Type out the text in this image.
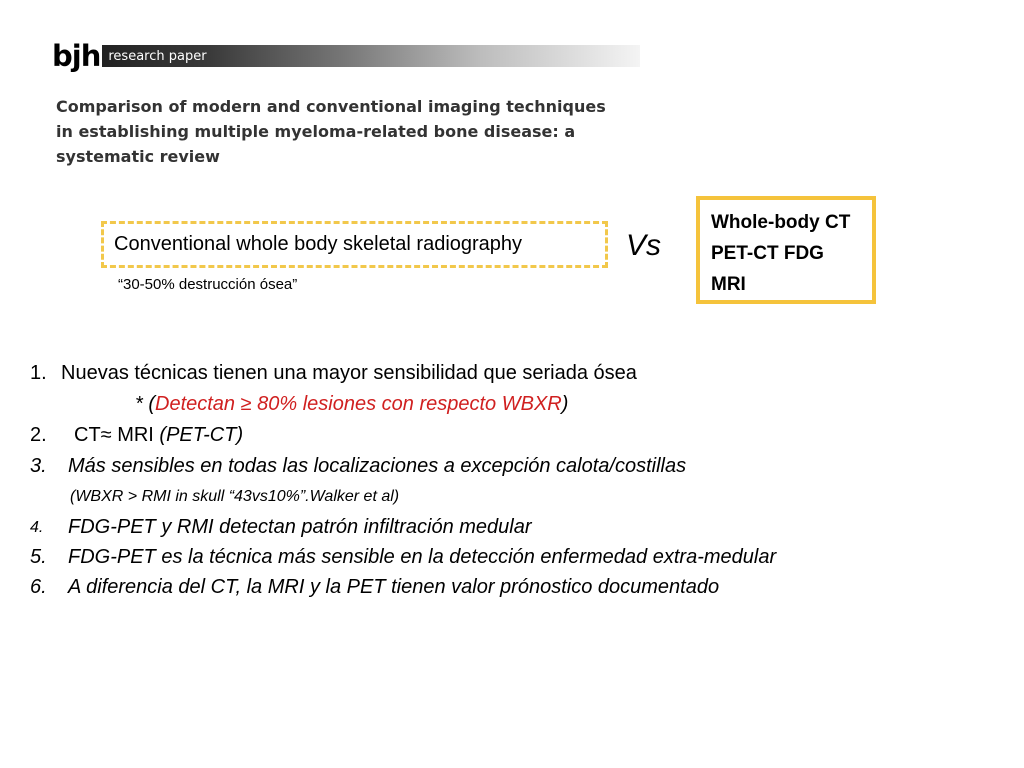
bjh research paper
Comparison of modern and conventional imaging techniques in establishing multiple myeloma-related bone disease: a systematic review
Conventional whole body skeletal radiography
“30-50% destrucción ósea”
Vs
Whole-body CT
PET-CT FDG
MRI
1. Nuevas técnicas tienen una mayor sensibilidad que seriada ósea
* (Detectan ≥ 80% lesiones con respecto WBXR)
2. CT≈ MRI (PET-CT)
3. Más sensibles en todas las localizaciones a excepción calota/costillas
(WBXR > RMI in skull “43vs10%”.Walker et al)
4. FDG-PET y RMI detectan patrón infiltración medular
5. FDG-PET es la técnica más sensible en la detección enfermedad extra-medular
6. A diferencia del CT, la MRI y la PET tienen valor prónostico documentado
